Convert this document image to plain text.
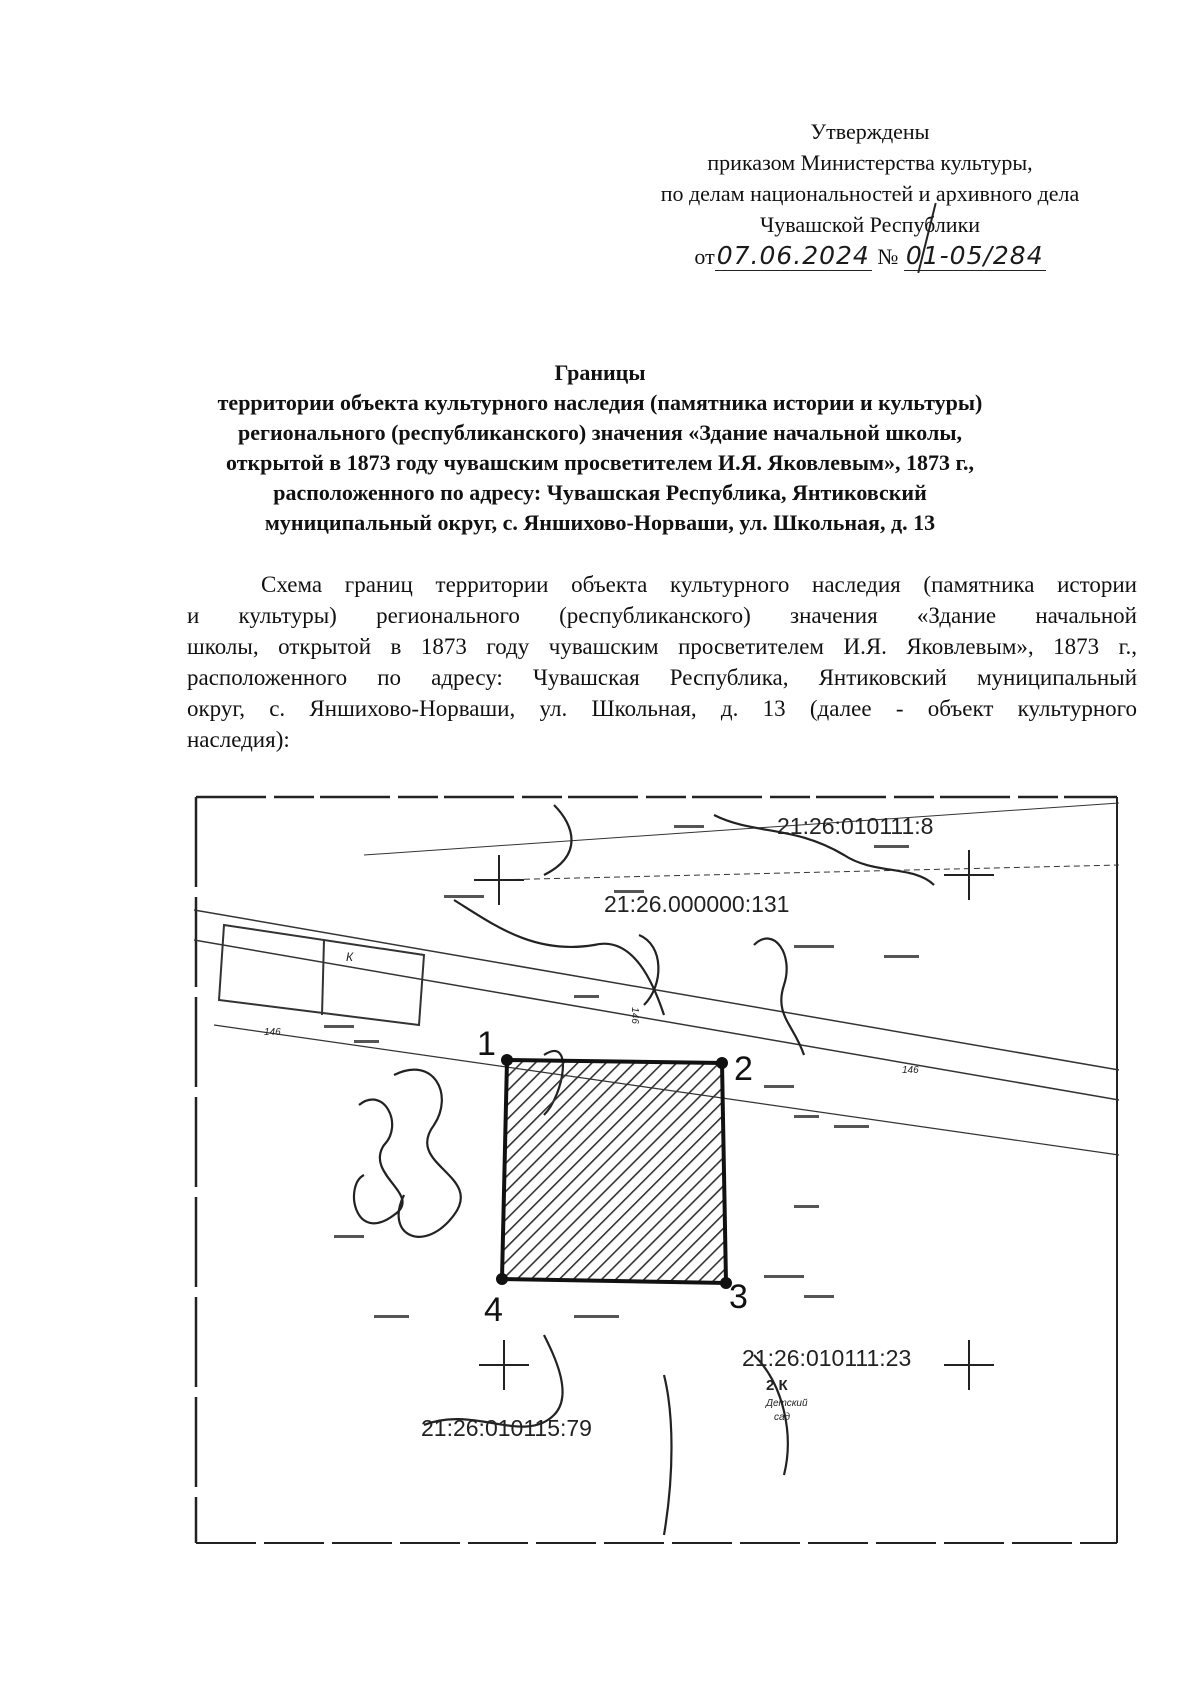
Утверждены
приказом Министерства культуры,
по делам национальностей и архивного дела
Чувашской Республики
от07.06.2024 № 01-05/284
Границы
территории объекта культурного наследия (памятника истории и культуры)
регионального (республиканского) значения «Здание начальной школы,
открытой в 1873 году чувашским просветителем И.Я. Яковлевым», 1873 г.,
расположенного по адресу: Чувашская Республика, Янтиковский
муниципальный округ, с. Яншихово-Норваши, ул. Школьная, д. 13
Схема границ территории объекта культурного наследия (памятника истории
и культуры) регионального (республиканского) значения «Здание начальной
школы, открытой в 1873 году чувашским просветителем И.Я. Яковлевым», 1873 г.,
расположенного по адресу: Чувашская Республика, Янтиковский муниципальный
округ, с. Яншихово-Норваши, ул. Школьная, д. 13 (далее - объект культурного
наследия):
21:26:010111:8
21:26.000000:131
21:26:010111:23
21:26:010115:79
1
2
3
4
2 К
Детский
сад
К
146
146
146
